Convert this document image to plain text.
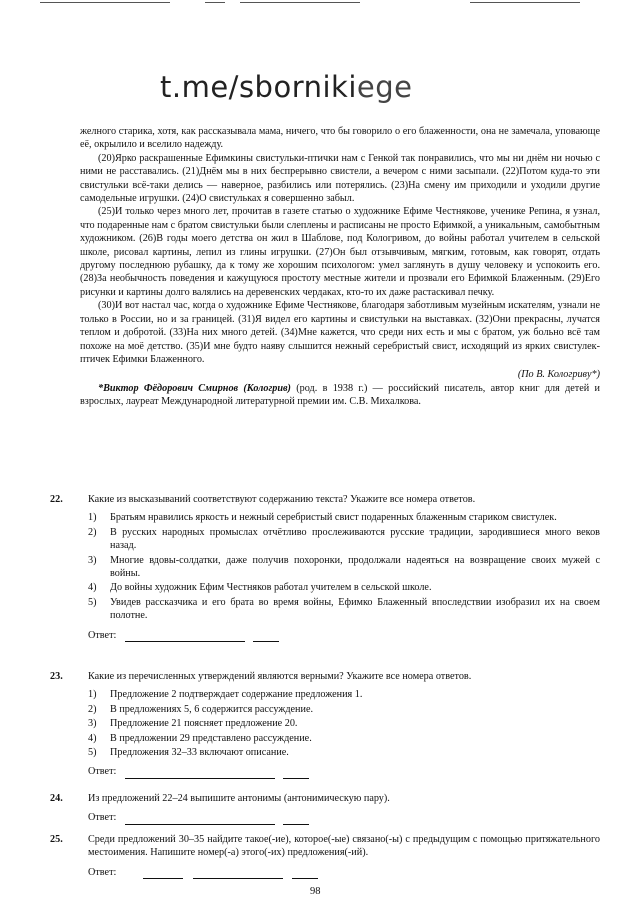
t.me/sbornikiege

желного старика, хотя, как рассказывала мама, ничего, что бы говорило о его блаженности, она не замечала, уповающе её, окрылило и вселило надежду.

(20)Ярко раскрашенные Ефимкины свистульки-птички нам с Генкой так понравились, что мы ни днём ни ночью с ними не расставались. (21)Днём мы в них беспрерывно свистели, а вечером с ними засыпали. (22)Потом куда-то эти свистульки всё-таки делись — наверное, разбились или потерялись. (23)На смену им приходили и уходили другие самодельные игрушки. (24)О свистульках я совершенно забыл.

(25)И только через много лет, прочитав в газете статью о художнике Ефиме Честнякове, ученике Репина, я узнал, что подаренные нам с братом свистульки были слеплены и расписаны не просто Ефимкой, а уникальным, самобытным художником. (26)В годы моего детства он жил в Шаблове, под Кологривом, до войны работал учителем в сельской школе, рисовал картины, лепил из глины игрушки. (27)Он был отзывчивым, мягким, готовым, как говорят, отдать другому последнюю рубашку, да к тому же хорошим психологом: умел заглянуть в душу человеку и успокоить его. (28)За необычность поведения и кажущуюся простоту местные жители и прозвали его Ефимкой Блаженным. (29)Его рисунки и картины долго валялись на деревенских чердаках, кто-то их даже растаскивал печку.

(30)И вот настал час, когда о художнике Ефиме Честнякове, благодаря заботливым музейным искателям, узнали не только в России, но и за границей. (31)Я видел его картины и свистульки на выставках. (32)Они прекрасны, лучатся теплом и добротой. (33)На них много детей. (34)Мне кажется, что среди них есть и мы с братом, уж больно всё там похоже на моё детство. (35)И мне будто наяву слышится нежный серебристый свист, исходящий из ярких свистулек-птичек Ефимки Блаженного.

(По В. Кологриву*)

*Виктор Фёдорович Смирнов (Кологрив) (род. в 1938 г.) — российский писатель, автор книг для детей и взрослых, лауреат Международной литературной премии им. С.В. Михалкова.

22. Какие из высказываний соответствуют содержанию текста? Укажите все номера ответов.
1) Братьям нравились яркость и нежный серебристый свист подаренных блаженным стариком свистулек.
2) В русских народных промыслах отчётливо прослеживаются русские традиции, зародившиеся много веков назад.
3) Многие вдовы-солдатки, даже получив похоронки, продолжали надеяться на возвращение своих мужей с войны.
4) До войны художник Ефим Честняков работал учителем в сельской школе.
5) Увидев рассказчика и его брата во время войны, Ефимко Блаженный впоследствии изобразил их на своем полотне.
Ответ:
23. Какие из перечисленных утверждений являются верными? Укажите все номера ответов.
1) Предложение 2 подтверждает содержание предложения 1.
2) В предложениях 5, 6 содержится рассуждение.
3) Предложение 21 поясняет предложение 20.
4) В предложении 29 представлено рассуждение.
5) Предложения 32–33 включают описание.
Ответ:
24. Из предложений 22–24 выпишите антонимы (антонимическую пару).
Ответ:
25. Среди предложений 30–35 найдите такое(-ие), которое(-ые) связано(-ы) с предыдущим с помощью притяжательного местоимения. Напишите номер(-а) этого(-их) предложения(-ий).
Ответ:
98
